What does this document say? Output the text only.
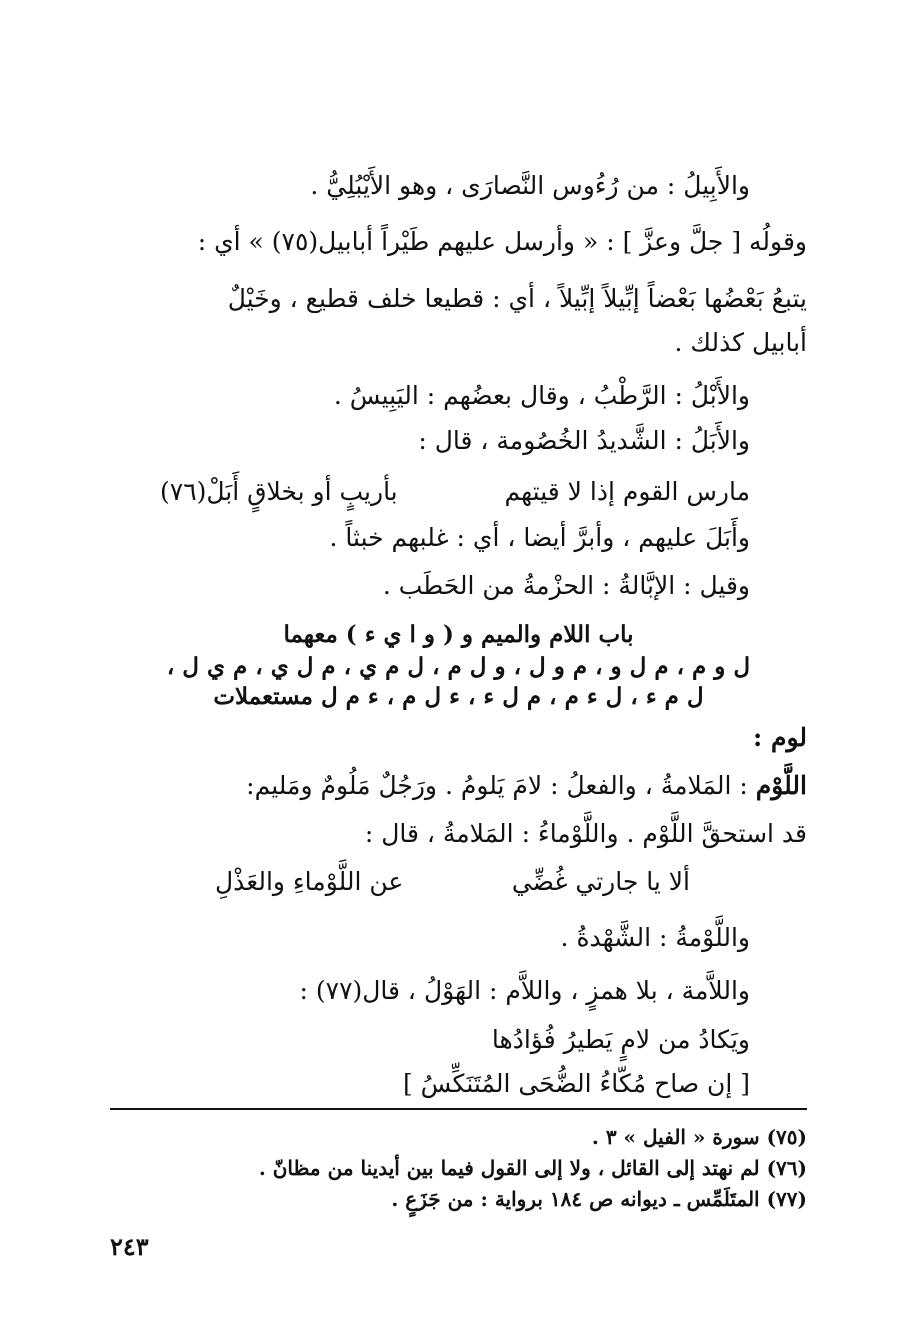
والأَبِيلُ : من رُءُوس النَّصارَى ، وهو الأَيْبُلِيُّ .
وقولُه [ جلَّ وعزَّ ] : « وأرسل عليهم طَيْراً أبابيل(٧٥) » أي :
يتبعُ بَعْضُها بَعْضاً إبِّيلاً إبِّيلاً ، أي : قطيعا خلف قطيع ، وخَيْلٌ
أبابيل كذلك .
والأَبْلُ : الرَّطْبُ ، وقال بعضُهم : اليَبِيسُ .
والأَبَلُ : الشَّديدُ الخُصُومة ، قال :
مارس القوم إذا لا قيتهم
بأريبٍ أو بخلاقٍ أَبَلْ(٧٦)
وأَبَلَ عليهم ، وأبرَّ أيضا ، أي : غلبهم خبثاً .
وقيل : الإبَّالةُ : الحزْمةُ من الحَطَب .
باب اللام والميم و ( و ا ي ء ) معهما
ل و م ، م ل و ، م و ل ، و ل م ، ل م ي ، م ل ي ، م ي ل ،
ل م ء ، ل ء م ، م ل ء ، ء ل م ، ء م ل مستعملات
لوم :
اللَّوْم : المَلامةُ ، والفعلُ : لامَ يَلومُ . ورَجُلٌ مَلُومٌ ومَليم:
قد استحقَّ اللَّوْم . واللَّوْماءُ : المَلامةُ ، قال :
ألا يا جارتي غُضِّي
عن اللَّوْماءِ والعَذْلِ
واللَّوْمةُ : الشَّهْدةُ .
واللاَّمة ، بلا همزٍ ، واللاَّم : الهَوْلُ ، قال(٧٧) :
ويَكادُ من لامٍ يَطيرُ فُؤادُها
[ إن صاح مُكّاءُ الضُّحَى المُتَنَكِّسُ ]
(٧٥) سورة « الفيل » ٣ .
(٧٦) لم نهتد إلى القائل ، ولا إلى القول فيما بين أيدينا من مظانّ .
(٧٧) المتَلَمِّس ـ ديوانه ص ١٨٤ برواية : من جَزَعٍ .
٢٤٣
